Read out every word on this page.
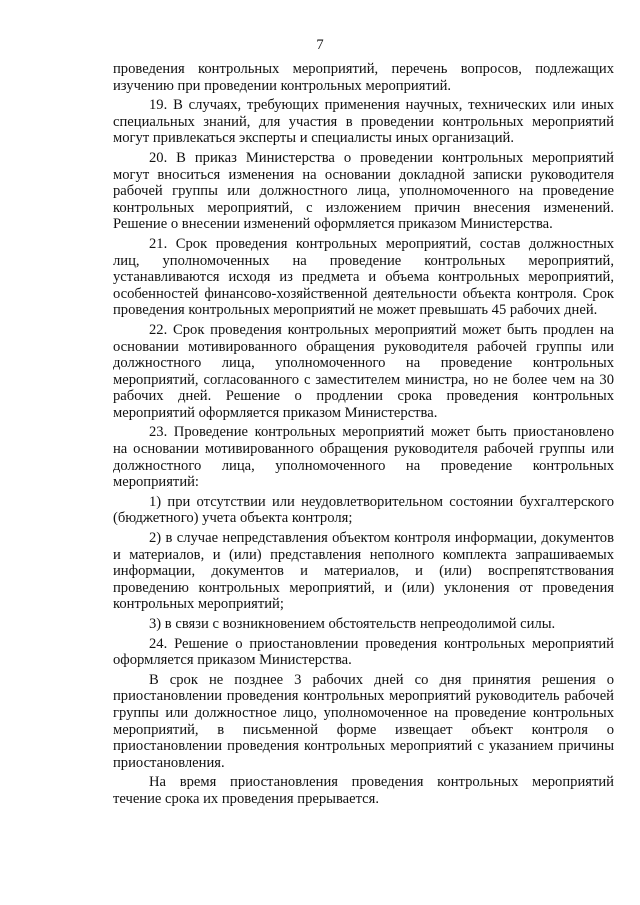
7

проведения контрольных мероприятий, перечень вопросов, подлежащих изучению при проведении контрольных мероприятий.

19. В случаях, требующих применения научных, технических или иных специальных знаний, для участия в проведении контрольных мероприятий могут привлекаться эксперты и специалисты иных организаций.

20. В приказ Министерства о проведении контрольных мероприятий могут вноситься изменения на основании докладной записки руководителя рабочей группы или должностного лица, уполномоченного на проведение контрольных мероприятий, с изложением причин внесения изменений. Решение о внесении изменений оформляется приказом Министерства.

21. Срок проведения контрольных мероприятий, состав должностных лиц, уполномоченных на проведение контрольных мероприятий, устанавливаются исходя из предмета и объема контрольных мероприятий, особенностей финансово-хозяйственной деятельности объекта контроля. Срок проведения контрольных мероприятий не может превышать 45 рабочих дней.

22. Срок проведения контрольных мероприятий может быть продлен на основании мотивированного обращения руководителя рабочей группы или должностного лица, уполномоченного на проведение контрольных мероприятий, согласованного с заместителем министра, но не более чем на 30 рабочих дней. Решение о продлении срока проведения контрольных мероприятий оформляется приказом Министерства.

23. Проведение контрольных мероприятий может быть приостановлено на основании мотивированного обращения руководителя рабочей группы или должностного лица, уполномоченного на проведение контрольных мероприятий:

1) при отсутствии или неудовлетворительном состоянии бухгалтерского (бюджетного) учета объекта контроля;

2) в случае непредставления объектом контроля информации, документов и материалов, и (или) представления неполного комплекта запрашиваемых информации, документов и материалов, и (или) воспрепятствования проведению контрольных мероприятий, и (или) уклонения от проведения контрольных мероприятий;

3) в связи с возникновением обстоятельств непреодолимой силы.

24. Решение о приостановлении проведения контрольных мероприятий оформляется приказом Министерства.

В срок не позднее 3 рабочих дней со дня принятия решения о приостановлении проведения контрольных мероприятий руководитель рабочей группы или должностное лицо, уполномоченное на проведение контрольных мероприятий, в письменной форме извещает объект контроля о приостановлении проведения контрольных мероприятий с указанием причины приостановления.

На время приостановления проведения контрольных мероприятий течение срока их проведения прерывается.
